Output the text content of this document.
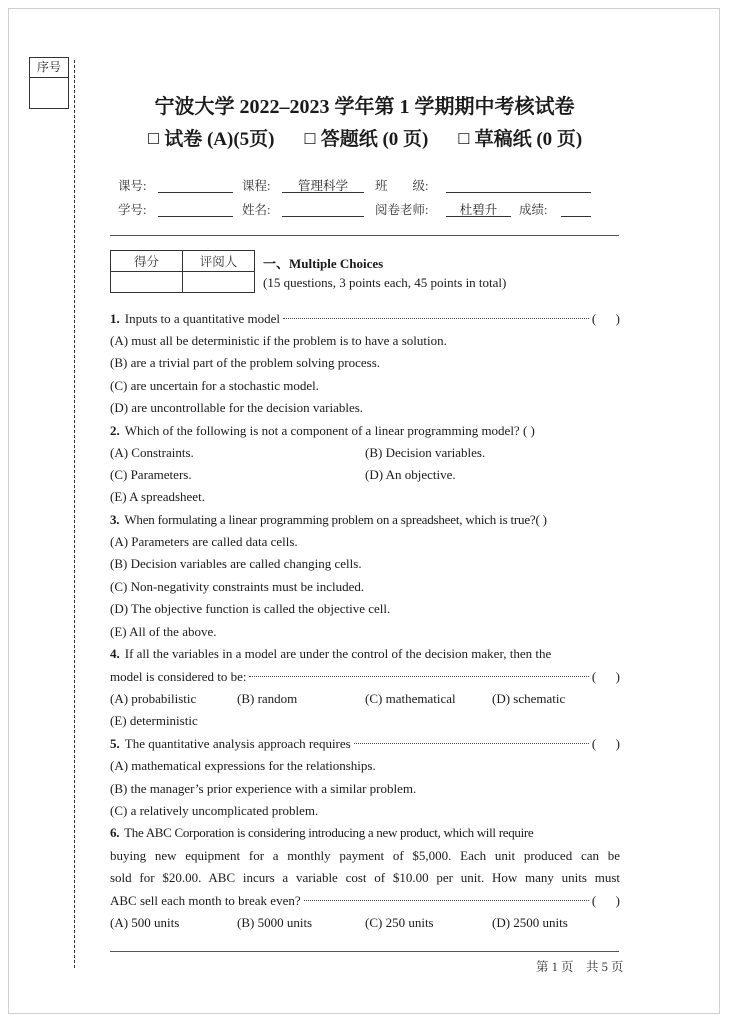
序号
宁波大学 2022–2023 学年第 1 学期期中考核试卷
☐ 试卷 (A)(5页) ☐ 答题纸 (0 页) ☐ 草稿纸 (0 页)
课号:	课程:	管理科学	班　　级:
学号:	姓名:	阅卷老师:	杜碧升	成绩:
得分	评阅人
	一、Multiple Choices
(15 questions, 3 points each, 45 points in total)
1. Inputs to a quantitative model	(      )
(A) must all be deterministic if the problem is to have a solution.
(B) are a trivial part of the problem solving process.
(C) are uncertain for a stochastic model.
(D) are uncontrollable for the decision variables.
2. Which of the following is not a component of a linear programming model? ( )
(A) Constraints.	(B) Decision variables.
(C) Parameters.	(D) An objective.
(E) A spreadsheet.
3. When formulating a linear programming problem on a spreadsheet, which is true?( )
(A) Parameters are called data cells.
(B) Decision variables are called changing cells.
(C) Non-negativity constraints must be included.
(D) The objective function is called the objective cell.
(E) All of the above.
4. If all the variables in a model are under the control of the decision maker, then the
model is considered to be:	(      )
(A) probabilistic	(B) random	(C) mathematical	(D) schematic
(E) deterministic
5. The quantitative analysis approach requires	(      )
(A) mathematical expressions for the relationships.
(B) the manager’s prior experience with a similar problem.
(C) a relatively uncomplicated problem.
6. The ABC Corporation is considering introducing a new product, which will require
buying new equipment for a monthly payment of $5,000. Each unit produced can be
sold for $20.00. ABC incurs a variable cost of $10.00 per unit. How many units must
ABC sell each month to break even?	(      )
(A) 500 units	(B) 5000 units	(C) 250 units	(D) 2500 units
第 1 页　共 5 页
